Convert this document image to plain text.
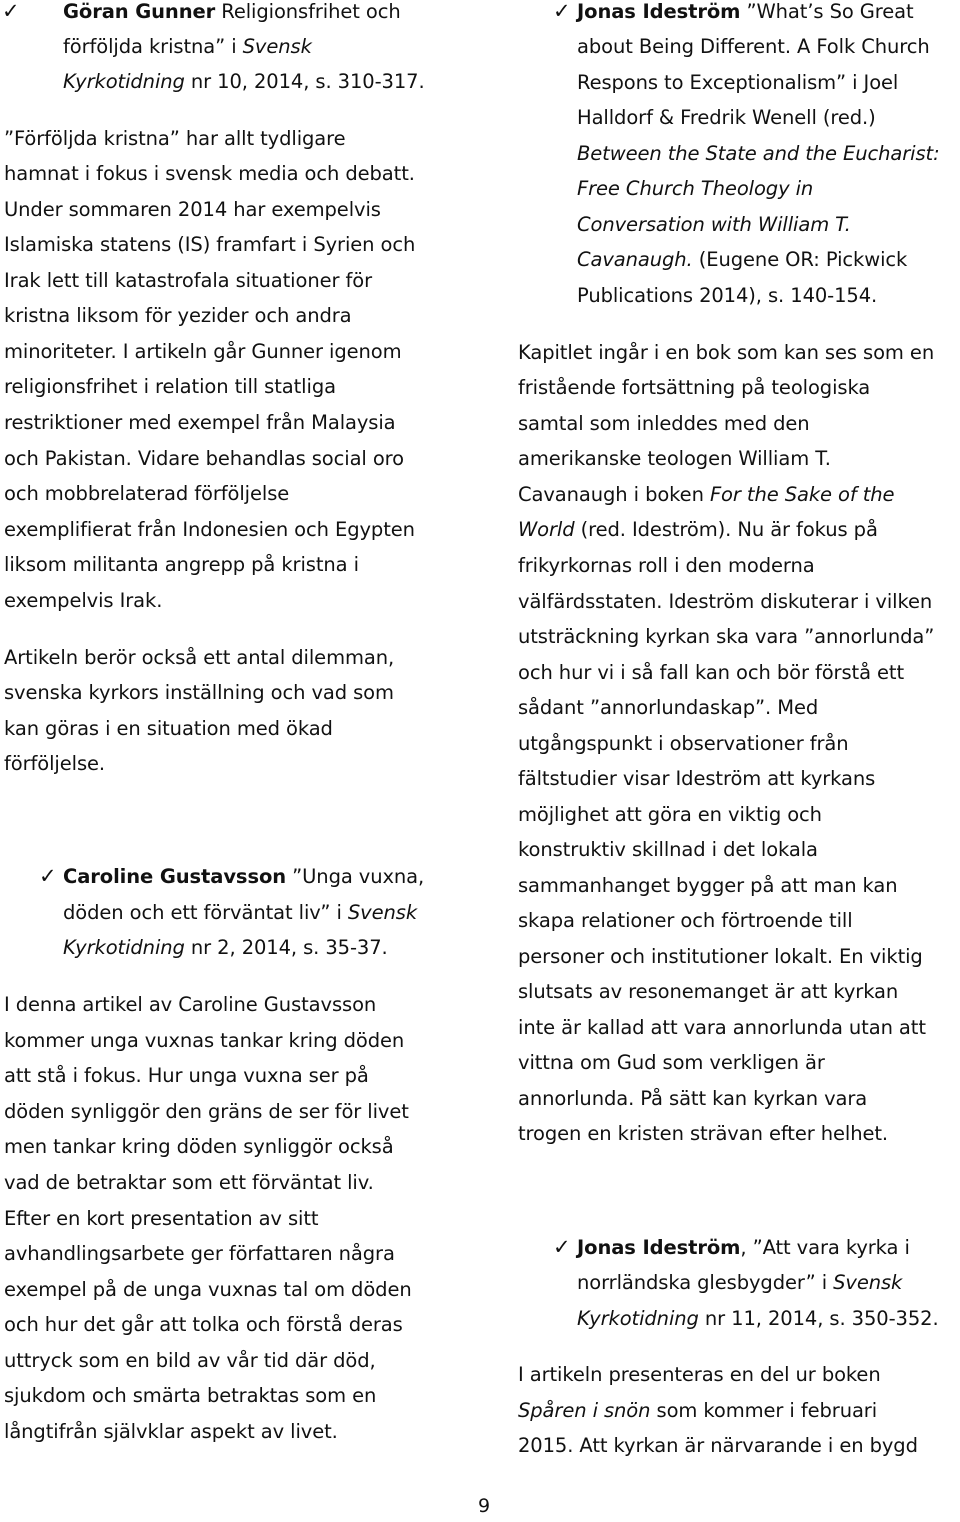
✓ Göran Gunner Religionsfrihet och
förföljda kristna” i Svensk
Kyrkotidning nr 10, 2014, s. 310-317.
”Förföljda kristna” har allt tydligare
hamnat i fokus i svensk media och debatt.
Under sommaren 2014 har exempelvis
Islamiska statens (IS) framfart i Syrien och
Irak lett till katastrofala situationer för
kristna liksom för yezider och andra
minoriteter. I artikeln går Gunner igenom
religionsfrihet i relation till statliga
restriktioner med exempel från Malaysia
och Pakistan. Vidare behandlas social oro
och mobbrelaterad förföljelse
exemplifierat från Indonesien och Egypten
liksom militanta angrepp på kristna i
exempelvis Irak.
Artikeln berör också ett antal dilemman,
svenska kyrkors inställning och vad som
kan göras i en situation med ökad
förföljelse.
✓ Caroline Gustavsson ”Unga vuxna,
döden och ett förväntat liv” i Svensk
Kyrkotidning nr 2, 2014, s. 35-37.
I denna artikel av Caroline Gustavsson
kommer unga vuxnas tankar kring döden
att stå i fokus. Hur unga vuxna ser på
döden synliggör den gräns de ser för livet
men tankar kring döden synliggör också
vad de betraktar som ett förväntat liv.
Efter en kort presentation av sitt
avhandlingsarbete ger författaren några
exempel på de unga vuxnas tal om döden
och hur det går att tolka och förstå deras
uttryck som en bild av vår tid där död,
sjukdom och smärta betraktas som en
långtifrån självklar aspekt av livet.
✓ Jonas Ideström ”What’s So Great
about Being Different. A Folk Church
Respons to Exceptionalism” i Joel
Halldorf & Fredrik Wenell (red.)
Between the State and the Eucharist:
Free Church Theology in
Conversation with William T.
Cavanaugh. (Eugene OR: Pickwick
Publications 2014), s. 140-154.
Kapitlet ingår i en bok som kan ses som en
fristående fortsättning på teologiska
samtal som inleddes med den
amerikanske teologen William T.
Cavanaugh i boken For the Sake of the
World (red. Ideström). Nu är fokus på
frikyrkornas roll i den moderna
välfärdsstaten. Ideström diskuterar i vilken
utsträckning kyrkan ska vara ”annorlunda”
och hur vi i så fall kan och bör förstå ett
sådant ”annorlundaskap”. Med
utgångspunkt i observationer från
fältstudier visar Ideström att kyrkans
möjlighet att göra en viktig och
konstruktiv skillnad i det lokala
sammanhanget bygger på att man kan
skapa relationer och förtroende till
personer och institutioner lokalt. En viktig
slutsats av resonemanget är att kyrkan
inte är kallad att vara annorlunda utan att
vittna om Gud som verkligen är
annorlunda. På sätt kan kyrkan vara
trogen en kristen strävan efter helhet.
✓ Jonas Ideström, ”Att vara kyrka i
norrländska glesbygder” i Svensk
Kyrkotidning nr 11, 2014, s. 350-352.
I artikeln presenteras en del ur boken
Spåren i snön som kommer i februari
2015. Att kyrkan är närvarande i en bygd
9
